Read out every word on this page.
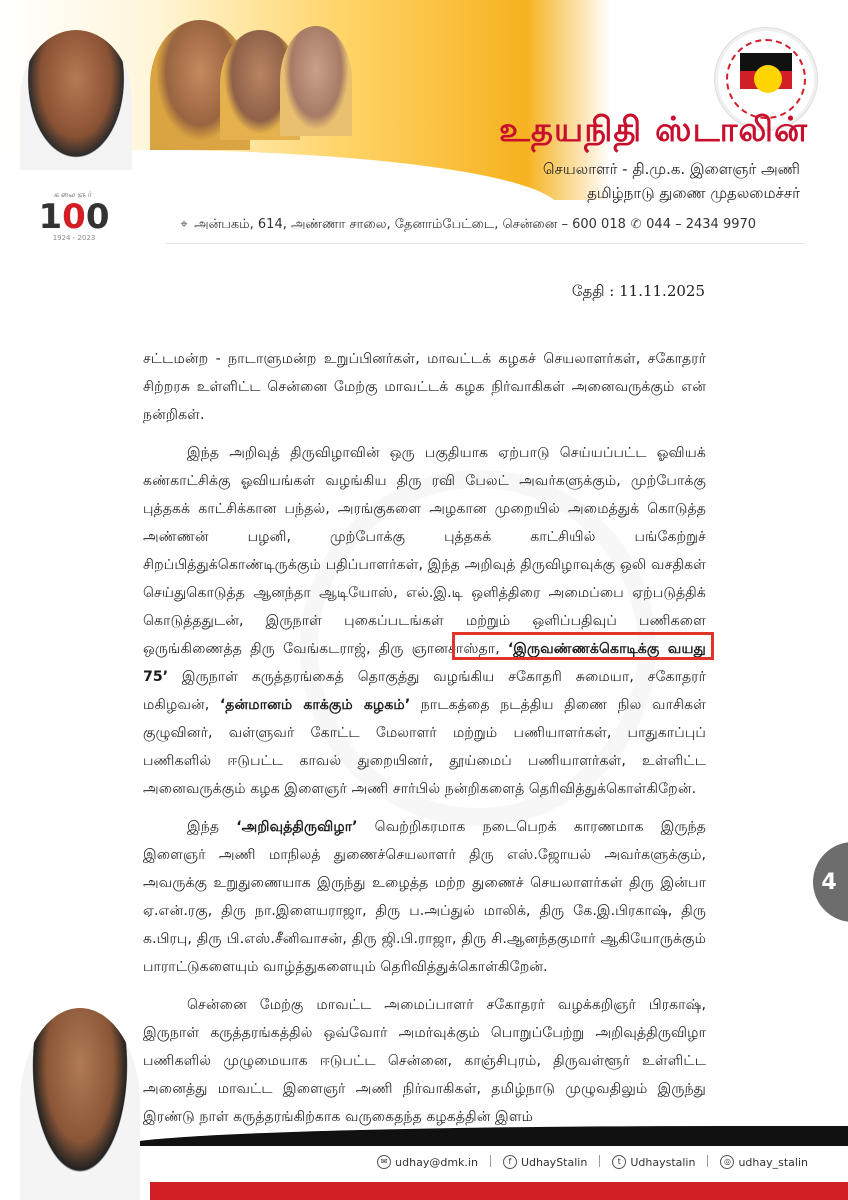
கலைஞர்
100
1924 - 2023
உதயநிதி ஸ்டாலின்
செயலாளர் - தி.மு.க. இளைஞர் அணி
தமிழ்நாடு துணை முதலமைச்சர்
⌖ அன்பகம், 614, அண்ணா சாலை, தேனாம்பேட்டை, சென்னை – 600 018 ✆ 044 – 2434 9970
தேதி : 11.11.2025

சட்டமன்ற - நாடாளுமன்ற உறுப்பினர்கள், மாவட்டக் கழகச் செயலாளர்கள், சகோதரர் சிற்றரசு உள்ளிட்ட சென்னை மேற்கு மாவட்டக் கழக நிர்வாகிகள் அனைவருக்கும் என் நன்றிகள்.

இந்த அறிவுத் திருவிழாவின் ஒரு பகுதியாக ஏற்பாடு செய்யப்பட்ட ஓவியக் கண்காட்சிக்கு ஓவியங்கள் வழங்கிய திரு ரவி பேலட் அவர்களுக்கும், முற்போக்கு புத்தகக் காட்சிக்கான பந்தல், அரங்குகளை அழகான முறையில் அமைத்துக் கொடுத்த அண்ணன் பழனி, முற்போக்கு புத்தகக் காட்சியில் பங்கேற்றுச் சிறப்பித்துக்கொண்டிருக்கும் பதிப்பாளர்கள், இந்த அறிவுத் திருவிழாவுக்கு ஒலி வசதிகள் செய்துகொடுத்த ஆனந்தா ஆடியோஸ், எல்.இ.டி ஒளித்திரை அமைப்பை ஏற்படுத்திக் கொடுத்ததுடன், இருநாள் புகைப்படங்கள் மற்றும் ஒளிப்பதிவுப் பணிகளை ஒருங்கிணைத்த திரு வேங்கடராஜ், திரு ஞானசாஸ்தா, ‘இருவண்ணக்கொடிக்கு வயது 75’ இருநாள் கருத்தரங்கைத் தொகுத்து வழங்கிய சகோதரி சுமையா, சகோதரர் மகிழவன், ‘தன்மானம் காக்கும் கழகம்’ நாடகத்தை நடத்திய திணை நில வாசிகள் குழுவினர், வள்ளுவர் கோட்ட மேலாளர் மற்றும் பணியாளர்கள், பாதுகாப்புப் பணிகளில் ஈடுபட்ட காவல் துறையினர், தூய்மைப் பணியாளர்கள், உள்ளிட்ட அனைவருக்கும் கழக இளைஞர் அணி சார்பில் நன்றிகளைத் தெரிவித்துக்கொள்கிறேன்.

இந்த ‘அறிவுத்திருவிழா’ வெற்றிகரமாக நடைபெறக் காரணமாக இருந்த இளைஞர் அணி மாநிலத் துணைச்செயலாளர் திரு எஸ்.ஜோயல் அவர்களுக்கும், அவருக்கு உறுதுணையாக இருந்து உழைத்த மற்ற துணைச் செயலாளர்கள் திரு இன்பா ஏ.என்.ரகு, திரு நா.இளையராஜா, திரு ப.அப்துல் மாலிக், திரு கே.இ.பிரகாஷ், திரு க.பிரபு, திரு பி.எஸ்.சீனிவாசன், திரு ஜி.பி.ராஜா, திரு சி.ஆனந்தகுமார் ஆகியோருக்கும் பாராட்டுகளையும் வாழ்த்துகளையும் தெரிவித்துக்கொள்கிறேன்.

சென்னை மேற்கு மாவட்ட அமைப்பாளர் சகோதரர் வழக்கறிஞர் பிரகாஷ், இருநாள் கருத்தரங்கத்தில் ஒவ்வோர் அமர்வுக்கும் பொறுப்பேற்று அறிவுத்திருவிழா பணிகளில் முழுமையாக ஈடுபட்ட சென்னை, காஞ்சிபுரம், திருவள்ளூர் உள்ளிட்ட அனைத்து மாவட்ட இளைஞர் அணி நிர்வாகிகள், தமிழ்நாடு முழுவதிலும் இருந்து இரண்டு நாள் கருத்தரங்கிற்காக வருகைதந்த கழகத்தின் இளம்

4
✉ udhay@dmk.in	f UdhayStalin	t Udhaystalin	◎ udhay_stalin
